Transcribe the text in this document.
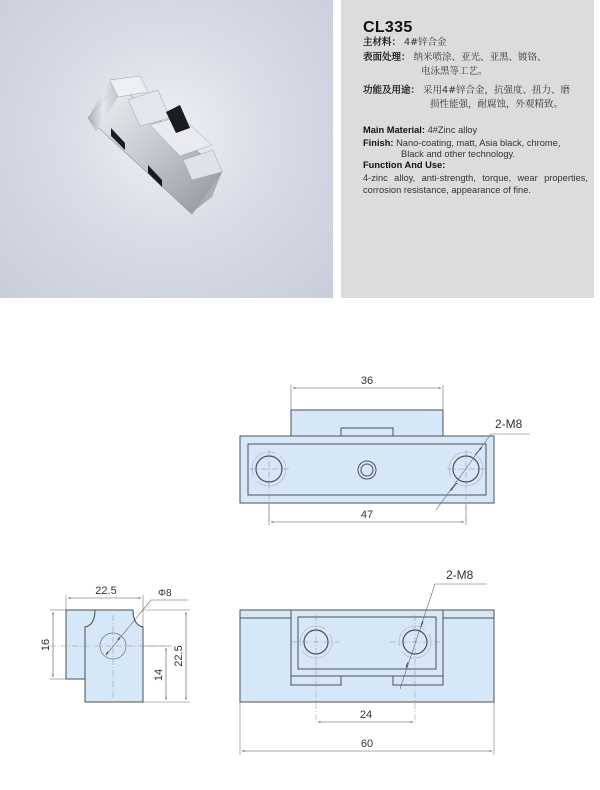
CL335
主材料： 4#锌合金
表面处理： 纳米喷涂、亚光、亚黑、镀铬、
电泳黑等工艺。
功能及用途： 采用4#锌合金，抗强度、扭力、磨
损性能强，耐腐蚀，外观精致。
Main Material: 4#Zinc alloy
Finish: Nano-coating, matt, Asia black, chrome,
Black and other technology.
Function And Use:
4-zinc alloy, anti-strength, torque, wear properties, corrosion resistance, appearance of fine.
36
2-M8
47
22.5	Φ8
16
14
22.5
2-M8
24
60
